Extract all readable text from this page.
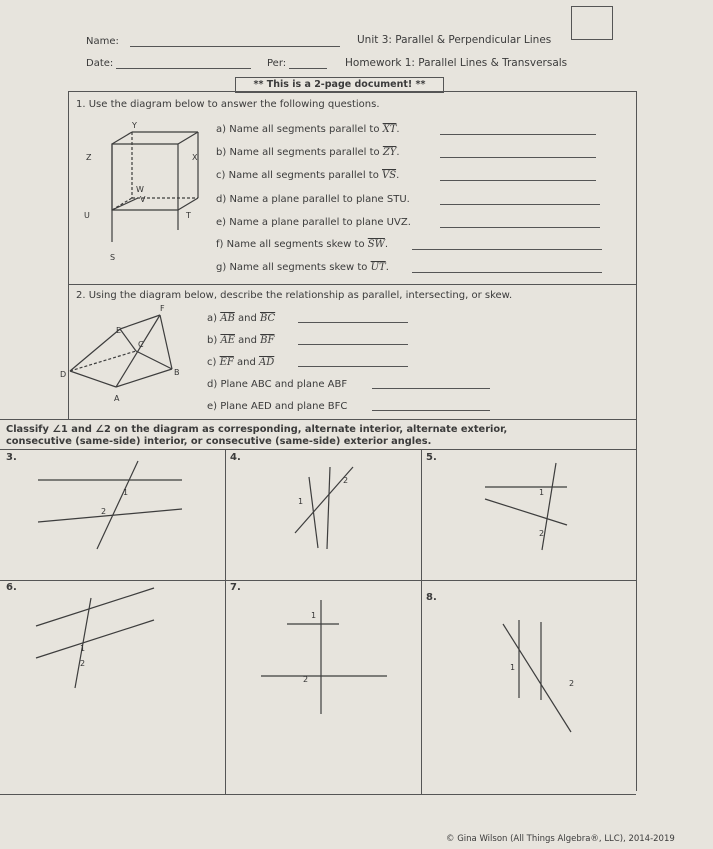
Name:
Date:	Per:
Unit 3: Parallel & Perpendicular Lines
Homework 1: Parallel Lines & Transversals
** This is a 2-page document! **
1. Use the diagram below to answer the following questions.
Y
Z	X
W
U
V
T
S
a) Name all segments parallel to $\overline{XT}$.
b) Name all segments parallel to $\overline{ZY}$.
c) Name all segments parallel to $\overline{VS}$.
d) Name a plane parallel to plane STU.
e) Name a plane parallel to plane UVZ.
f) Name all segments skew to $\overline{SW}$.
g) Name all segments skew to $\overline{UT}$.
2. Using the diagram below, describe the relationship as parallel, intersecting, or skew.
F
E
C
D	B
A
a) $\overline{AB}$ and $\overline{BC}$
b) $\overline{AE}$ and $\overline{BF}$
c) $\overline{EF}$ and $\overline{AD}$
d) Plane ABC and plane ABF
e) Plane AED and plane BFC
Classify ∠1 and ∠2 on the diagram as corresponding, alternate interior, alternate exterior,
consecutive (same-side) interior, or consecutive (same-side) exterior angles.
3.	4.	5.
6.	7.
8.
1
2
2
1
1
2
1
2
1
2
1
2
© Gina Wilson (All Things Algebra®, LLC), 2014-2019
